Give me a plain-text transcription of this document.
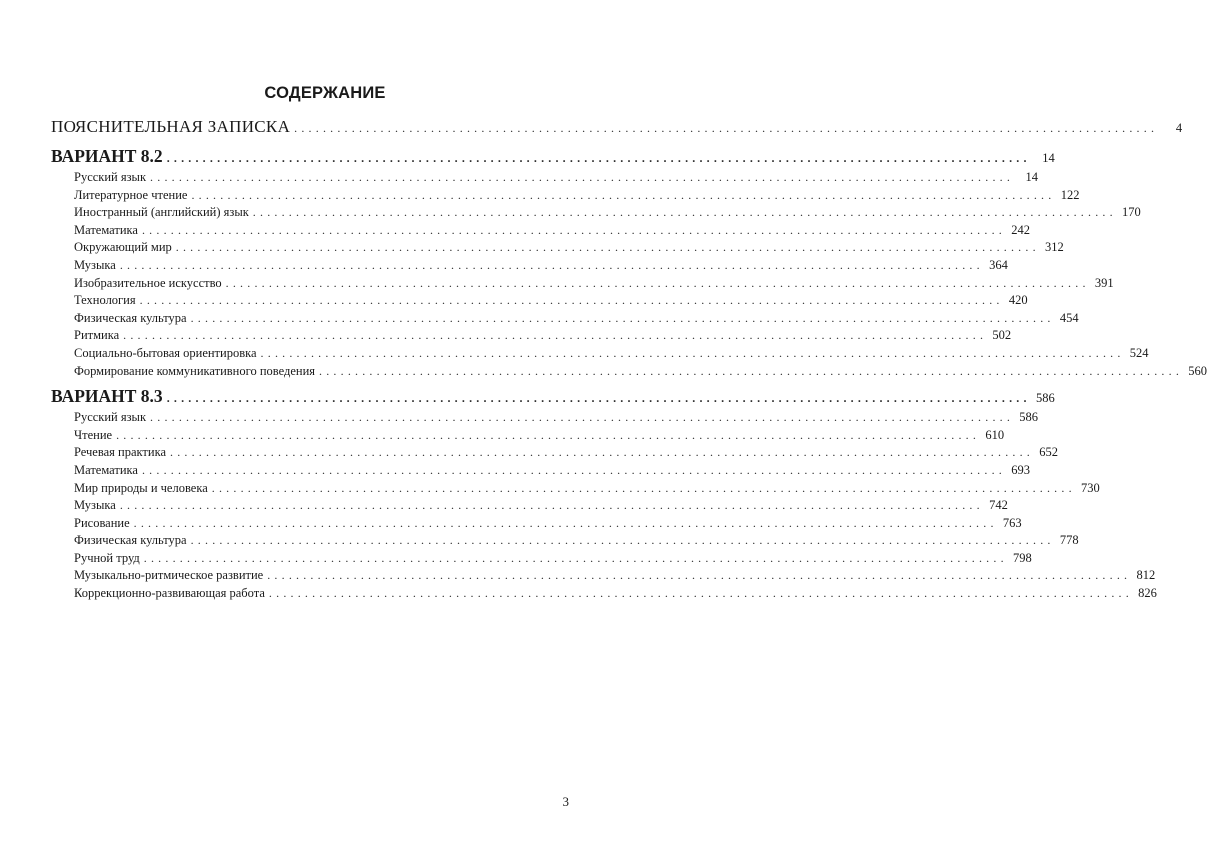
СОДЕРЖАНИЕ
ПОЯСНИТЕЛЬНАЯ ЗАПИСКА ........................................................................................................................	4
ВАРИАНТ 8.2 ........................................................................................................................ 14
Русский язык ........................................................................................................................ 14
Литературное чтение ........................................................................................................................ 122
Иностранный (английский) язык ........................................................................................................................ 170
Математика ........................................................................................................................ 242
Окружающий мир ........................................................................................................................ 312
Музыка ........................................................................................................................ 364
Изобразительное искусство ........................................................................................................................ 391
Технология ........................................................................................................................ 420
Физическая культура ........................................................................................................................ 454
Ритмика ........................................................................................................................ 502
Социально-бытовая ориентировка ........................................................................................................................ 524
Формирование коммуникативного поведения ........................................................................................................................ 560
ВАРИАНТ 8.3 ........................................................................................................................ 586
Русский язык ........................................................................................................................ 586
Чтение ........................................................................................................................ 610
Речевая практика ........................................................................................................................ 652
Математика ........................................................................................................................ 693
Мир природы и человека ........................................................................................................................ 730
Музыка ........................................................................................................................ 742
Рисование ........................................................................................................................ 763
Физическая культура ........................................................................................................................ 778
Ручной труд ........................................................................................................................ 798
Музыкально-ритмическое развитие ........................................................................................................................ 812
Коррекционно-развивающая работа ........................................................................................................................ 826
3
